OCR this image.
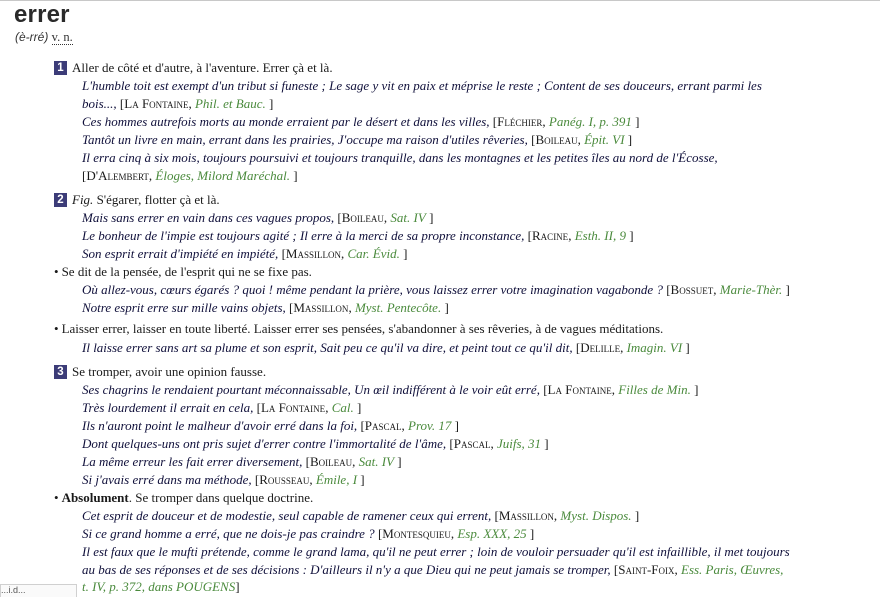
errer
(è-rré) v. n.
1 Aller de côté et d'autre, à l'aventure. Errer çà et là.
L'humble toit est exempt d'un tribut si funeste ; Le sage y vit en paix et méprise le reste ; Content de ses douceurs, errant parmi les
bois..., [La Fontaine, Phil. et Bauc. ]
Ces hommes autrefois morts au monde erraient par le désert et dans les villes, [Fléchier, Panég. I, p. 391 ]
Tantôt un livre en main, errant dans les prairies, J'occupe ma raison d'utiles rêveries, [Boileau, Épit. VI ]
Il erra cinq à six mois, toujours poursuivi et toujours tranquille, dans les montagnes et les petites îles au nord de l'Écosse,
[D'Alembert, Éloges, Milord Maréchal. ]
2 Fig. S'égarer, flotter çà et là.
Mais sans errer en vain dans ces vagues propos, [Boileau, Sat. IV ]
Le bonheur de l'impie est toujours agité ; Il erre à la merci de sa propre inconstance, [Racine, Esth. II, 9 ]
Son esprit errait d'impiété en impiété, [Massillon, Car. Évid. ]
• Se dit de la pensée, de l'esprit qui ne se fixe pas.
Où allez-vous, cœurs égarés ? quoi ! même pendant la prière, vous laissez errer votre imagination vagabonde ? [Bossuet, Marie-Thèr. ]
Notre esprit erre sur mille vains objets, [Massillon, Myst. Pentecôte. ]
• Laisser errer, laisser en toute liberté. Laisser errer ses pensées, s'abandonner à ses rêveries, à de vagues méditations.
Il laisse errer sans art sa plume et son esprit, Sait peu ce qu'il va dire, et peint tout ce qu'il dit, [Delille, Imagin. VI ]
3 Se tromper, avoir une opinion fausse.
Ses chagrins le rendaient pourtant méconnaissable, Un œil indifférent à le voir eût erré, [La Fontaine, Filles de Min. ]
Très lourdement il errait en cela, [La Fontaine, Cal. ]
Ils n'auront point le malheur d'avoir erré dans la foi, [Pascal, Prov. 17 ]
Dont quelques-uns ont pris sujet d'errer contre l'immortalité de l'âme, [Pascal, Juifs, 31 ]
La même erreur les fait errer diversement, [Boileau, Sat. IV ]
Si j'avais erré dans ma méthode, [Rousseau, Émile, I ]
• Absolument. Se tromper dans quelque doctrine.
Cet esprit de douceur et de modestie, seul capable de ramener ceux qui errent, [Massillon, Myst. Dispos. ]
Si ce grand homme a erré, que ne dois-je pas craindre ? [Montesquieu, Esp. XXX, 25 ]
Il est faux que le mufti prétende, comme le grand lama, qu'il ne peut errer ; loin de vouloir persuader qu'il est infaillible, il met toujours
au bas de ses réponses et de ses décisions : D'ailleurs il n'y a que Dieu qui ne peut jamais se tromper, [Saint-Foix, Ess. Paris, Œuvres,
t. IV, p. 372, dans POUGENS]
...i.d...
